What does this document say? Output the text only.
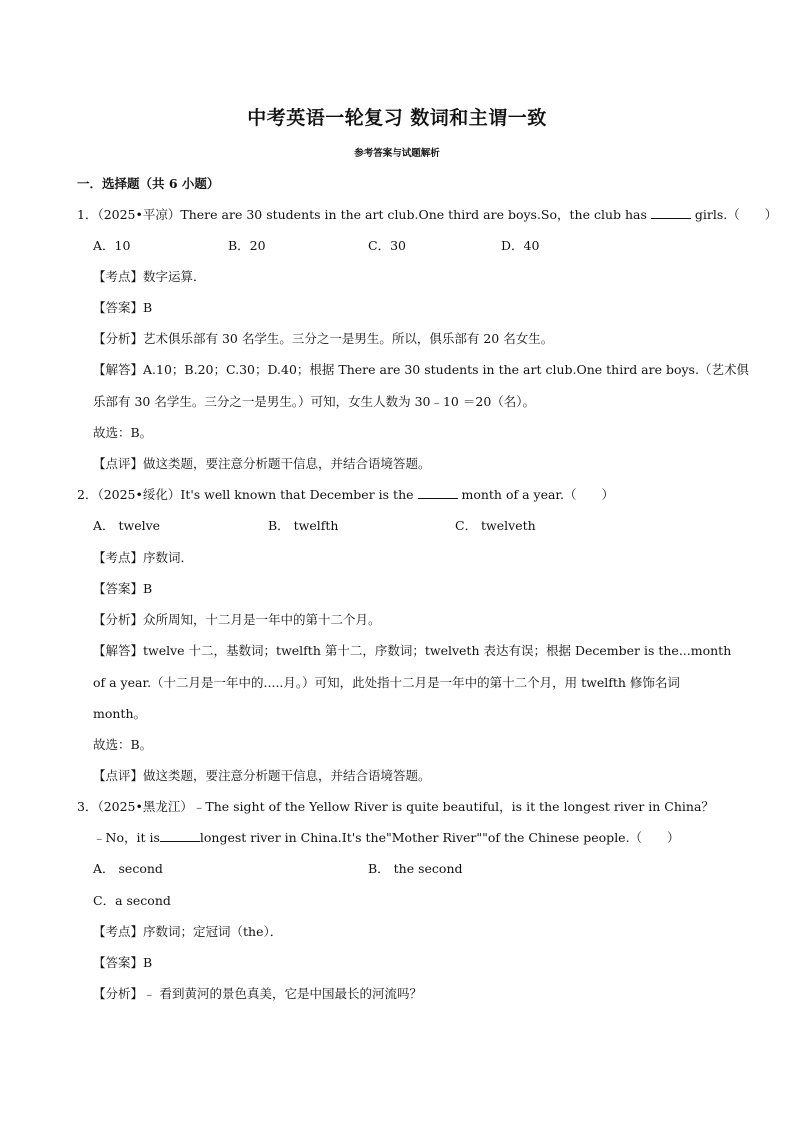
中考英语一轮复习 数词和主谓一致
参考答案与试题解析
一．选择题（共 6 小题）
1．（2025•平凉）There are 30 students in the art club.One third are boys.So，the club has	girls.（　　）
A．10	B．20	C．30	D．40
【考点】数字运算．
【答案】B
【分析】艺术俱乐部有 30 名学生。三分之一是男生。所以，俱乐部有 20 名女生。
【解答】A.10；B.20；C.30；D.40；根据 There are 30 students in the art club.One third are boys.（艺术俱
乐部有 30 名学生。三分之一是男生。）可知，女生人数为 30﹣10 ＝20（名）。
故选：B。
【点评】做这类题，要注意分析题干信息，并结合语境答题。
2．（2025•绥化）It's well known that December is the	month of a year.（　　）
A． twelve	B． twelfth	C． twelveth
【考点】序数词．
【答案】B
【分析】众所周知，十二月是一年中的第十二个月。
【解答】twelve 十二，基数词；twelfth 第十二，序数词；twelveth 表达有误；根据 December is the...month
of a year.（十二月是一年中的.....月。）可知，此处指十二月是一年中的第十二个月，用 twelfth 修饰名词
month。
故选：B。
【点评】做这类题，要注意分析题干信息，并结合语境答题。
3．（2025•黑龙江）﹣The sight of the Yellow River is quite beautiful，is it the longest river in China？
﹣No，it is	longest river in China.It's the"Mother River""of the Chinese people.（　　）
A． second	B． the second
C．a second
【考点】序数词；定冠词（the）．
【答案】B
【分析】﹣ 看到黄河的景色真美，它是中国最长的河流吗？
